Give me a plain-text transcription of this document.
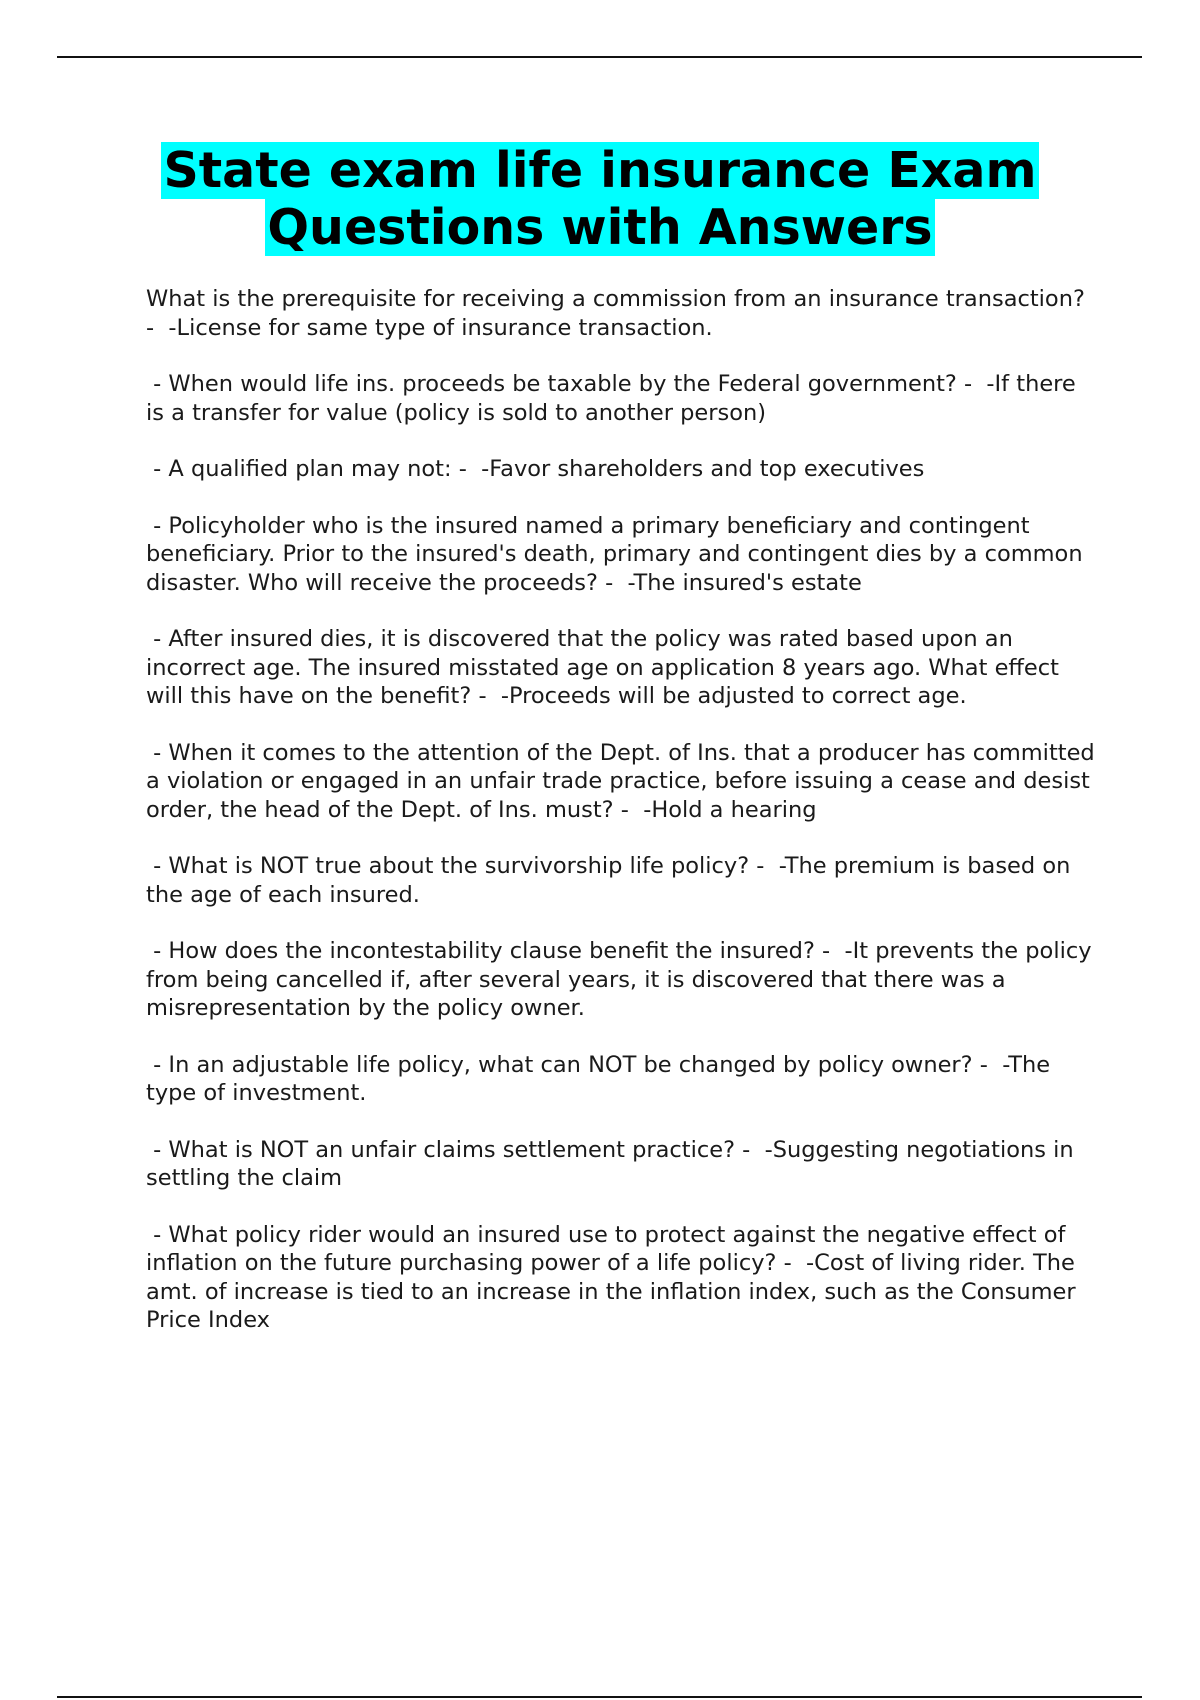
State exam life insurance Exam
Questions with Answers

What is the prerequisite for receiving a commission from an insurance transaction? -  -License for same type of insurance transaction.

- When would life ins. proceeds be taxable by the Federal government? -  -If there is a transfer for value (policy is sold to another person)

- A qualified plan may not: -  -Favor shareholders and top executives

- Policyholder who is the insured named a primary beneficiary and contingent beneficiary. Prior to the insured's death, primary and contingent dies by a common disaster. Who will receive the proceeds? -  -The insured's estate

- After insured dies, it is discovered that the policy was rated based upon an incorrect age. The insured misstated age on application 8 years ago. What effect will this have on the benefit? -  -Proceeds will be adjusted to correct age.

- When it comes to the attention of the Dept. of Ins. that a producer has committed a violation or engaged in an unfair trade practice, before issuing a cease and desist order, the head of the Dept. of Ins. must? -  -Hold a hearing

- What is NOT true about the survivorship life policy? -  -The premium is based on the age of each insured.

- How does the incontestability clause benefit the insured? -  -It prevents the policy from being cancelled if, after several years, it is discovered that there was a misrepresentation by the policy owner.

- In an adjustable life policy, what can NOT be changed by policy owner? -  -The type of investment.

- What is NOT an unfair claims settlement practice? -  -Suggesting negotiations in settling the claim

- What policy rider would an insured use to protect against the negative effect of inflation on the future purchasing power of a life policy? -  -Cost of living rider. The amt. of increase is tied to an increase in the inflation index, such as the Consumer Price Index
